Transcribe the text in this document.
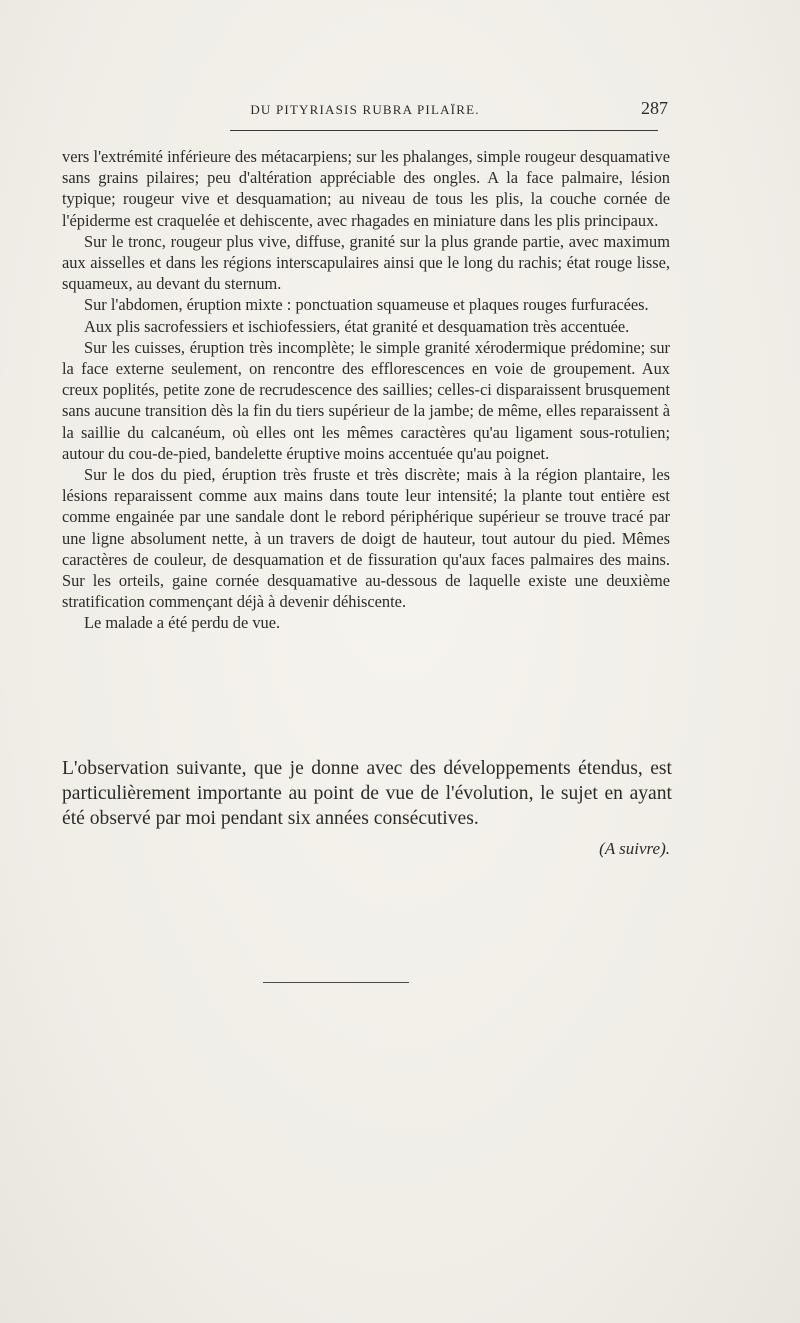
DU PITYRIASIS RUBRA PILAÏRE.	287

vers l'extrémité inférieure des métacarpiens; sur les phalanges, simple rougeur desquamative sans grains pilaires; peu d'altération appréciable des ongles. A la face palmaire, lésion typique; rougeur vive et desquamation; au niveau de tous les plis, la couche cornée de l'épiderme est craquelée et dehiscente, avec rhagades en miniature dans les plis principaux.

Sur le tronc, rougeur plus vive, diffuse, granité sur la plus grande partie, avec maximum aux aisselles et dans les régions interscapulaires ainsi que le long du rachis; état rouge lisse, squameux, au devant du sternum.

Sur l'abdomen, éruption mixte : ponctuation squameuse et plaques rouges furfuracées.

Aux plis sacrofessiers et ischiofessiers, état granité et desquamation très accentuée.

Sur les cuisses, éruption très incomplète; le simple granité xérodermique prédomine; sur la face externe seulement, on rencontre des efflorescences en voie de groupement. Aux creux poplités, petite zone de recrudescence des saillies; celles-ci disparaissent brusquement sans aucune transition dès la fin du tiers supérieur de la jambe; de même, elles reparaissent à la saillie du calcanéum, où elles ont les mêmes caractères qu'au ligament sous-rotulien; autour du cou-de-pied, bandelette éruptive moins accentuée qu'au poignet.

Sur le dos du pied, éruption très fruste et très discrète; mais à la région plantaire, les lésions reparaissent comme aux mains dans toute leur intensité; la plante tout entière est comme engainée par une sandale dont le rebord périphérique supérieur se trouve tracé par une ligne absolument nette, à un travers de doigt de hauteur, tout autour du pied. Mêmes caractères de couleur, de desquamation et de fissuration qu'aux faces palmaires des mains. Sur les orteils, gaine cornée desquamative au-dessous de laquelle existe une deuxième stratification commençant déjà à devenir déhiscente.

Le malade a été perdu de vue.

L'observation suivante, que je donne avec des développements étendus, est particulièrement importante au point de vue de l'évolution, le sujet en ayant été observé par moi pendant six années consécutives.

(A suivre).
